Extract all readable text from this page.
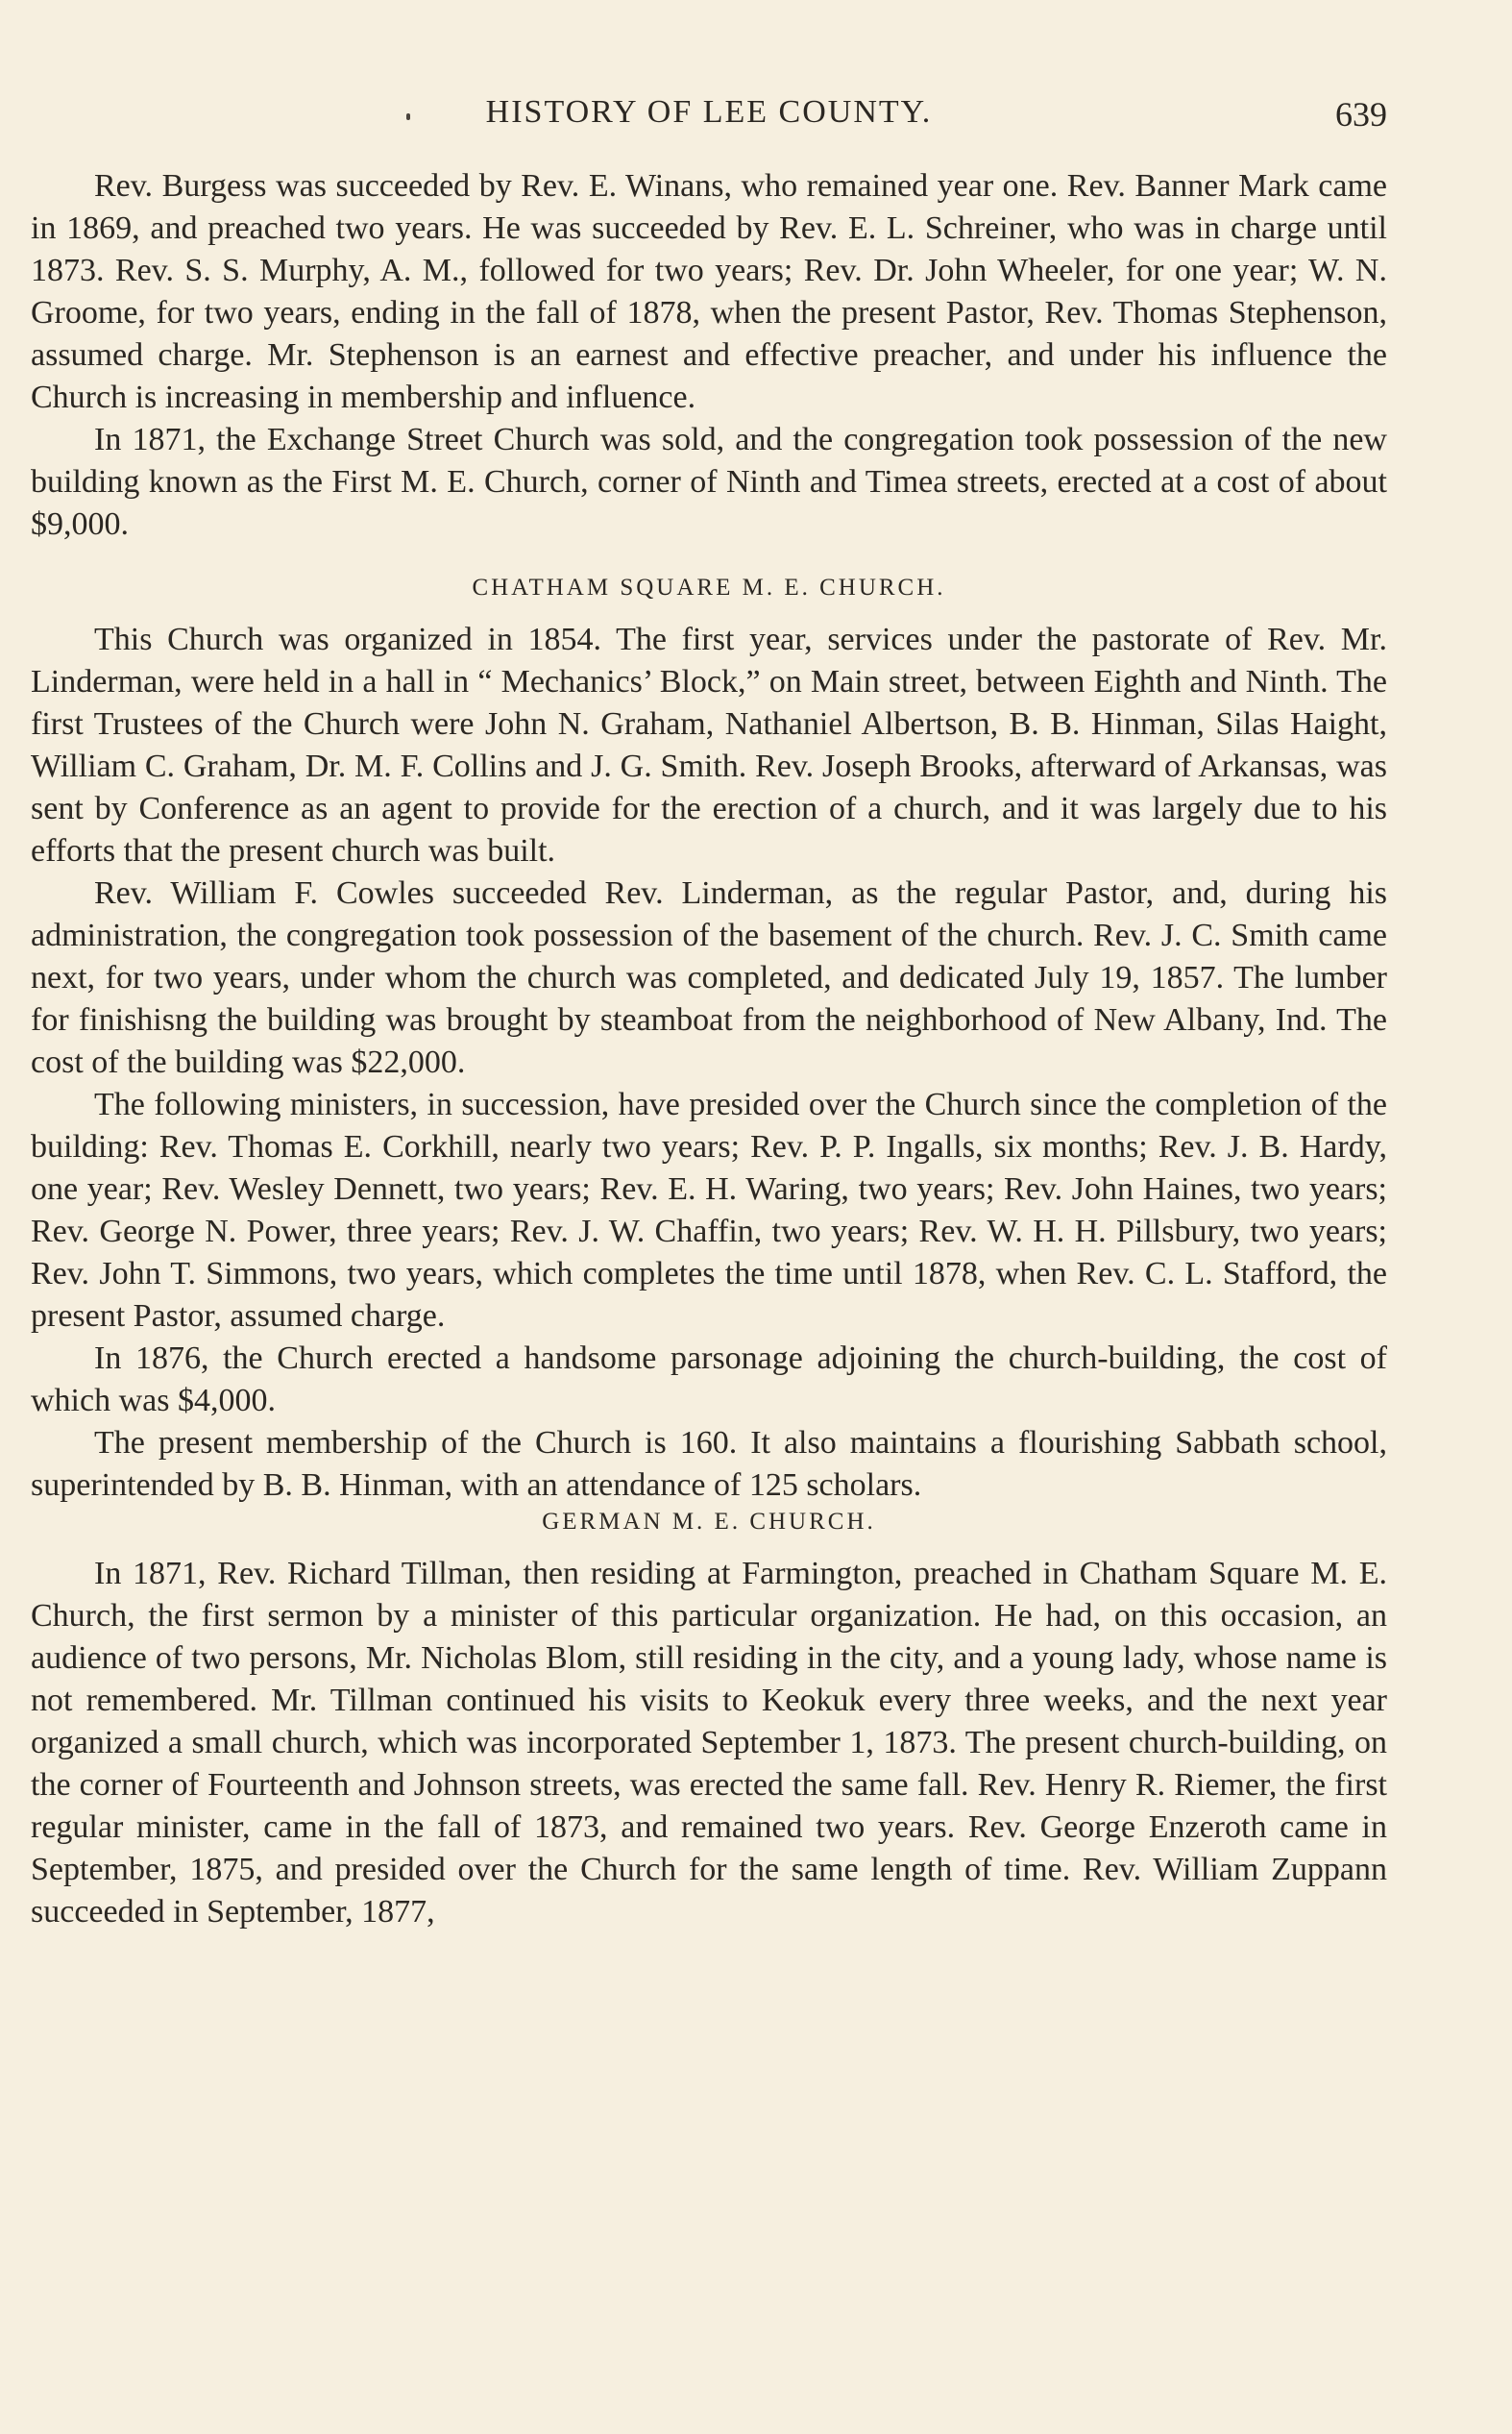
HISTORY OF LEE COUNTY.	639

Rev. Burgess was succeeded by Rev. E. Winans, who remained year one. Rev. Banner Mark came in 1869, and preached two years. He was succeeded by Rev. E. L. Schreiner, who was in charge until 1873. Rev. S. S. Murphy, A. M., followed for two years; Rev. Dr. John Wheeler, for one year; W. N. Groome, for two years, ending in the fall of 1878, when the present Pastor, Rev. Thomas Stephenson, assumed charge. Mr. Stephenson is an earnest and effective preacher, and under his influence the Church is increasing in membership and influence.

In 1871, the Exchange Street Church was sold, and the congregation took possession of the new building known as the First M. E. Church, corner of Ninth and Timea streets, erected at a cost of about $9,000.

CHATHAM SQUARE M. E. CHURCH.

This Church was organized in 1854. The first year, services under the pastorate of Rev. Mr. Linderman, were held in a hall in “ Mechanics’ Block,” on Main street, between Eighth and Ninth. The first Trustees of the Church were John N. Graham, Nathaniel Albertson, B. B. Hinman, Silas Haight, William C. Graham, Dr. M. F. Collins and J. G. Smith. Rev. Joseph Brooks, afterward of Arkansas, was sent by Conference as an agent to provide for the erection of a church, and it was largely due to his efforts that the present church was built.

Rev. William F. Cowles succeeded Rev. Linderman, as the regular Pastor, and, during his administration, the congregation took possession of the basement of the church. Rev. J. C. Smith came next, for two years, under whom the church was completed, and dedicated July 19, 1857. The lumber for finishisng the building was brought by steamboat from the neighborhood of New Albany, Ind. The cost of the building was $22,000.

The following ministers, in succession, have presided over the Church since the completion of the building: Rev. Thomas E. Corkhill, nearly two years; Rev. P. P. Ingalls, six months; Rev. J. B. Hardy, one year; Rev. Wesley Dennett, two years; Rev. E. H. Waring, two years; Rev. John Haines, two years; Rev. George N. Power, three years; Rev. J. W. Chaffin, two years; Rev. W. H. H. Pillsbury, two years; Rev. John T. Simmons, two years, which completes the time until 1878, when Rev. C. L. Stafford, the present Pastor, assumed charge.

In 1876, the Church erected a handsome parsonage adjoining the church-building, the cost of which was $4,000.

The present membership of the Church is 160. It also maintains a flourishing Sabbath school, superintended by B. B. Hinman, with an attendance of 125 scholars.

GERMAN M. E. CHURCH.

In 1871, Rev. Richard Tillman, then residing at Farmington, preached in Chatham Square M. E. Church, the first sermon by a minister of this particular organization. He had, on this occasion, an audience of two persons, Mr. Nicholas Blom, still residing in the city, and a young lady, whose name is not remembered. Mr. Tillman continued his visits to Keokuk every three weeks, and the next year organized a small church, which was incorporated September 1, 1873. The present church-building, on the corner of Fourteenth and Johnson streets, was erected the same fall. Rev. Henry R. Riemer, the first regular minister, came in the fall of 1873, and remained two years. Rev. George Enzeroth came in September, 1875, and presided over the Church for the same length of time. Rev. William Zuppann succeeded in September, 1877,
